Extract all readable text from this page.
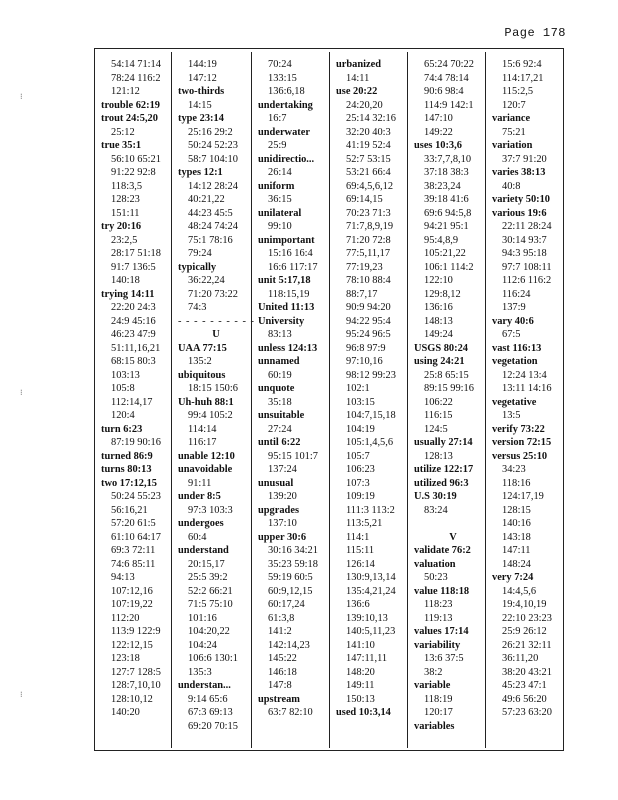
Page 178
⁝
⁝
⁝
54:14 71:14
78:24 116:2
121:12
trouble 62:19
trout 24:5,20
25:12
true 35:1
56:10 65:21
91:22 92:8
118:3,5
128:23
151:11
try 20:16
23:2,5
28:17 51:18
91:7 136:5
140:18
trying 14:11
22:20 24:3
24:9 45:16
46:23 47:9
51:11,16,21
68:15 80:3
103:13
105:8
112:14,17
120:4
turn 6:23
87:19 90:16
turned 86:9
turns 80:13
two 17:12,15
50:24 55:23
56:16,21
57:20 61:5
61:10 64:17
69:3 72:11
74:6 85:11
94:13
107:12,16
107:19,22
112:20
113:9 122:9
122:12,15
123:18
127:7 128:5
128:7,10,10
128:10,12
140:20
144:19
147:12
two-thirds
14:15
type 23:14
25:16 29:2
50:24 52:23
58:7 104:10
types 12:1
14:12 28:24
40:21,22
44:23 45:5
48:24 74:24
75:1 78:16
79:24
typically
36:22,24
71:20 73:22
74:3
- - - - - - - - - -
U
UAA 77:15
135:2
ubiquitous
18:15 150:6
Uh-huh 88:1
99:4 105:2
114:14
116:17
unable 12:10
unavoidable
91:11
under 8:5
97:3 103:3
undergoes
60:4
understand
20:15,17
25:5 39:2
52:2 66:21
71:5 75:10
101:16
104:20,22
104:24
106:6 130:1
135:3
understan...
9:14 65:6
67:3 69:13
69:20 70:15
70:24
133:15
136:6,18
undertaking
16:7
underwater
25:9
unidirectio...
26:14
uniform
36:15
unilateral
99:10
unimportant
15:16 16:4
16:6 117:17
unit 5:17,18
118:15,19
United 11:13
University
83:13
unless 124:13
unnamed
60:19
unquote
35:18
unsuitable
27:24
until 6:22
95:15 101:7
137:24
unusual
139:20
upgrades
137:10
upper 30:6
30:16 34:21
35:23 59:18
59:19 60:5
60:9,12,15
60:17,24
61:3,8
141:2
142:14,23
145:22
146:18
147:8
upstream
63:7 82:10
urbanized
14:11
use 20:22
24:20,20
25:14 32:16
32:20 40:3
41:19 52:4
52:7 53:15
53:21 66:4
69:4,5,6,12
69:14,15
70:23 71:3
71:7,8,9,19
71:20 72:8
77:5,11,17
77:19,23
78:10 88:4
88:7,17
90:9 94:20
94:22 95:4
95:24 96:5
96:8 97:9
97:10,16
98:12 99:23
102:1
103:15
104:7,15,18
104:19
105:1,4,5,6
105:7
106:23
107:3
109:19
111:3 113:2
113:5,21
114:1
115:11
126:14
130:9,13,14
135:4,21,24
136:6
139:10,13
140:5,11,23
141:10
147:11,11
148:20
149:11
150:13
used 10:3,14
65:24 70:22
74:4 78:14
90:6 98:4
114:9 142:1
147:10
149:22
uses 10:3,6
33:7,7,8,10
37:18 38:3
38:23,24
39:18 41:6
69:6 94:5,8
94:21 95:1
95:4,8,9
105:21,22
106:1 114:2
122:10
129:8,12
136:16
148:13
149:24
USGS 80:24
using 24:21
25:8 65:15
89:15 99:16
106:22
116:15
124:5
usually 27:14
128:13
utilize 122:17
utilized 96:3
U.S 30:19
83:24
V
validate 76:2
valuation
50:23
value 118:18
118:23
119:13
values 17:14
variability
13:6 37:5
38:2
variable
118:19
120:17
variables
15:6 92:4
114:17,21
115:2,5
120:7
variance
75:21
variation
37:7 91:20
varies 38:13
40:8
variety 50:10
various 19:6
22:11 28:24
30:14 93:7
94:3 95:18
97:7 108:11
112:6 116:2
116:24
137:9
vary 40:6
67:5
vast 116:13
vegetation
12:24 13:4
13:11 14:16
vegetative
13:5
verify 73:22
version 72:15
versus 25:10
34:23
118:16
124:17,19
128:15
140:16
143:18
147:11
148:24
very 7:24
14:4,5,6
19:4,10,19
22:10 23:23
25:9 26:12
26:21 32:11
36:11,20
38:20 43:21
45:23 47:1
49:6 56:20
57:23 63:20
